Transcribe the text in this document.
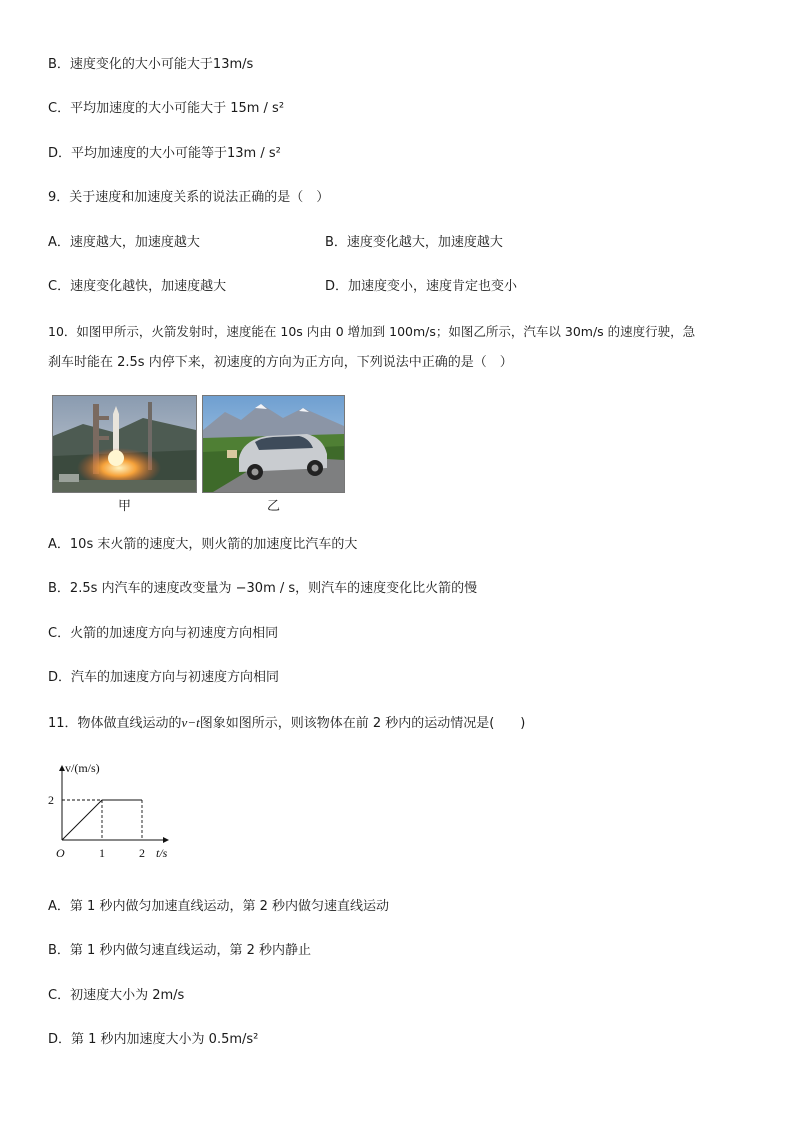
B．速度变化的大小可能大于13m/s
C．平均加速度的大小可能大于 15m / s²
D．平均加速度的大小可能等于13m / s²
9．关于速度和加速度关系的说法正确的是（　）
A．速度越大，加速度越大	B．速度变化越大，加速度越大
C．速度变化越快，加速度越大	D．加速度变小，速度肯定也变小
10．如图甲所示，火箭发射时，速度能在 10s 内由 0 增加到 100m/s；如图乙所示，汽车以 30m/s 的速度行驶，急
刹车时能在 2.5s 内停下来，初速度的方向为正方向，下列说法中正确的是（　）
甲	乙
A．10s 末火箭的速度大，则火箭的加速度比汽车的大
B．2.5s 内汽车的速度改变量为 −30m / s，则汽车的速度变化比火箭的慢
C．火箭的加速度方向与初速度方向相同
D．汽车的加速度方向与初速度方向相同
11．物体做直线运动的v−t图象如图所示，则该物体在前 2 秒内的运动情况是(　　)
v/(m/s)
t/s
O
2
1	2
A．第 1 秒内做匀加速直线运动，第 2 秒内做匀速直线运动
B．第 1 秒内做匀速直线运动，第 2 秒内静止
C．初速度大小为 2m/s
D．第 1 秒内加速度大小为 0.5m/s²
